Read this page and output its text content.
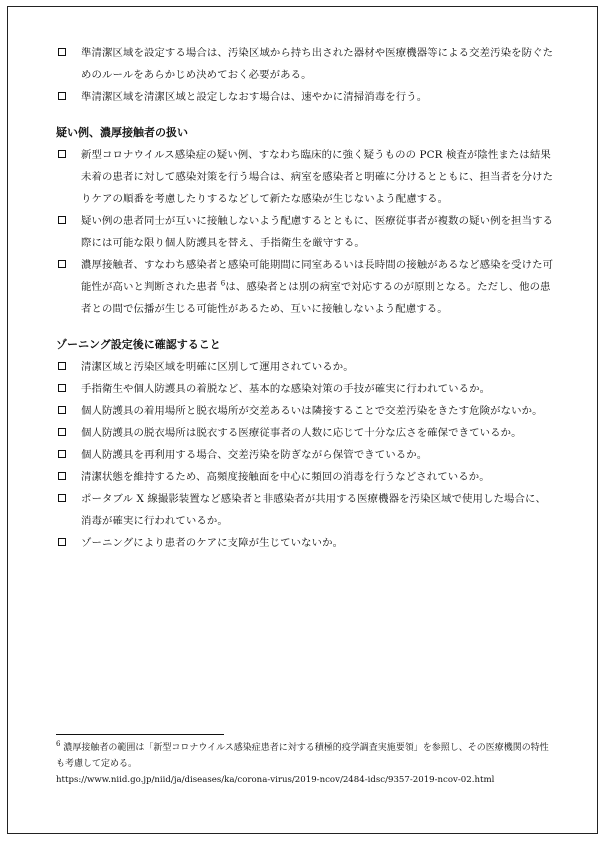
準清潔区域を設定する場合は、汚染区域から持ち出された器材や医療機器等による交差汚染を防ぐためのルールをあらかじめ決めておく必要がある。

準清潔区域を清潔区域と設定しなおす場合は、速やかに清掃消毒を行う。

疑い例、濃厚接触者の扱い

新型コロナウイルス感染症の疑い例、すなわち臨床的に強く疑うものの PCR 検査が陰性または結果未着の患者に対して感染対策を行う場合は、病室を感染者と明確に分けるとともに、担当者を分けたりケアの順番を考慮したりするなどして新たな感染が生じないよう配慮する。

疑い例の患者同士が互いに接触しないよう配慮するとともに、医療従事者が複数の疑い例を担当する際には可能な限り個人防護具を替え、手指衛生を厳守する。

濃厚接触者、すなわち感染者と感染可能期間に同室あるいは長時間の接触があるなど感染を受けた可能性が高いと判断された患者 $^6$は、感染者とは別の病室で対応するのが原則となる。ただし、他の患者との間で伝播が生じる可能性があるため、互いに接触しないよう配慮する。

ゾーニング設定後に確認すること

清潔区域と汚染区域を明確に区別して運用されているか。

手指衛生や個人防護具の着脱など、基本的な感染対策の手技が確実に行われているか。

個人防護具の着用場所と脱衣場所が交差あるいは隣接することで交差汚染をきたす危険がないか。

個人防護具の脱衣場所は脱衣する医療従事者の人数に応じて十分な広さを確保できているか。

個人防護具を再利用する場合、交差汚染を防ぎながら保管できているか。

清潔状態を維持するため、高頻度接触面を中心に頻回の消毒を行うなどされているか。

ポータブル X 線撮影装置など感染者と非感染者が共用する医療機器を汚染区域で使用した場合に、消毒が確実に行われているか。

ゾーニングにより患者のケアに支障が生じていないか。

$^6$ 濃厚接触者の範囲は「新型コロナウイルス感染症患者に対する積極的疫学調査実施要領」を参照し、その医療機関の特性も考慮して定める。
https://www.niid.go.jp/niid/ja/diseases/ka/corona-virus/2019-ncov/2484-idsc/9357-2019-ncov-02.html
